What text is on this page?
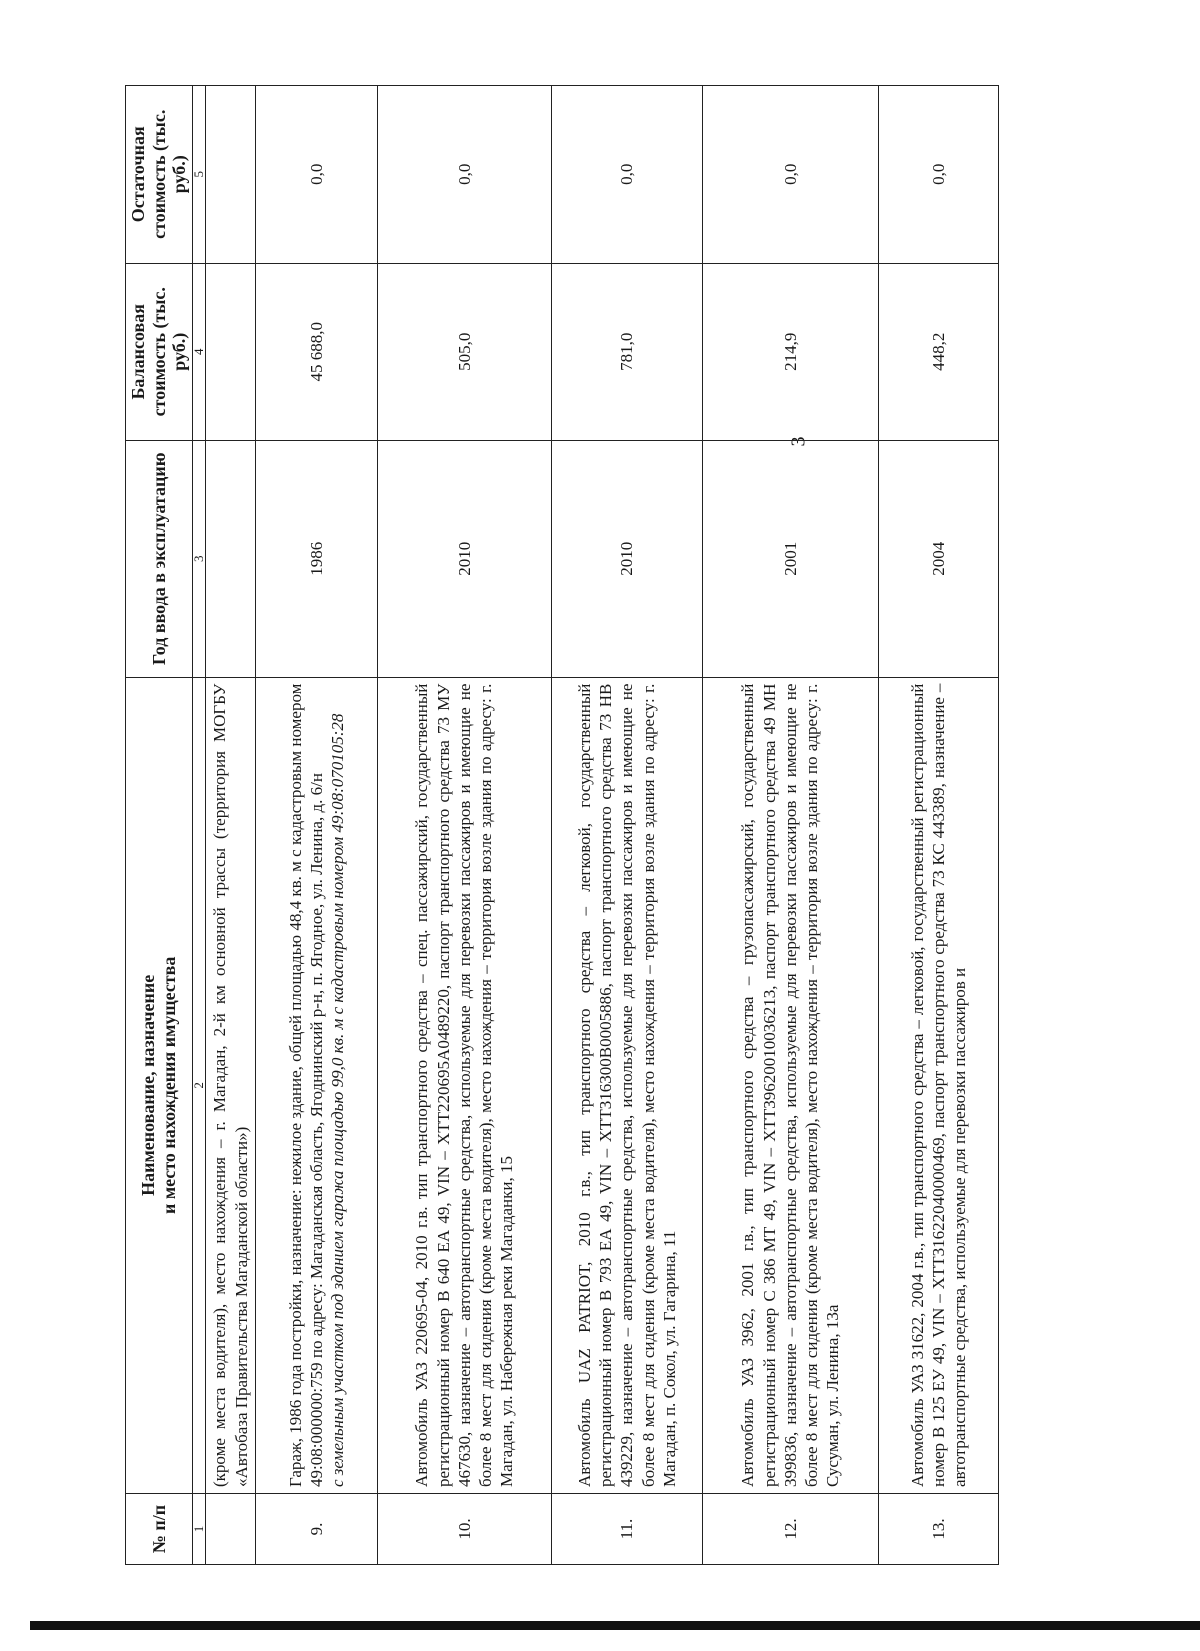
3
№ п/п	Наименование, назначение и место нахождения имущества	Год ввода в эксплуатацию	Балансовая стоимость (тыс. руб.)	Остаточная стоимость (тыс. руб.)
1	2	3	4	5
	(кроме места водителя), место нахождения – г. Магадан, 2-й км основной трассы (территория МОГБУ «Автобаза Правительства Магаданской области»)			
9.	Гараж, 1986 года постройки, назначение: нежилое здание, общей площадью 48,4 кв. м с кадастровым номером 49:08:000000:759 по адресу: Магаданская область, Ягоднинский р-н, п. Ягодное, ул. Ленина, д. 6/н с земельным участком под зданием гаража площадью 99,0 кв. м с кадастровым номером 49:08:070105:28	1986	45 688,0	0,0
10.	Автомобиль УАЗ 220695-04, 2010 г.в. тип транспортного средства – спец. пассажирский, государственный регистрационный номер В 640 ЕА 49, VIN – ХТТ220695А0489220, паспорт транспортного средства 73 МУ 467630, назначение – автотранспортные средства, используемые для перевозки пассажиров и имеющие не более 8 мест для сидения (кроме места водителя), место нахождения – территория возле здания по адресу: г. Магадан, ул. Набережная реки Магаданки, 15	2010	505,0	0,0
11.	Автомобиль UAZ PATRIOT, 2010 г.в., тип транспортного средства – легковой, государственный регистрационный номер В 793 ЕА 49, VIN – ХТТ316300В0005886, паспорт транспортного средства 73 НВ 439229, назначение – автотранспортные средства, используемые для перевозки пассажиров и имеющие не более 8 мест для сидения (кроме места водителя), место нахождения – территория возле здания по адресу: г. Магадан, п. Сокол, ул. Гагарина, 11	2010	781,0	0,0
12.	Автомобиль УАЗ 3962, 2001 г.в., тип транспортного средства – грузопассажирский, государственный регистрационный номер С 386 МТ 49, VIN – ХТТ39620010036213, паспорт транспортного средства 49 МН 399836, назначение – автотранспортные средства, используемые для перевозки пассажиров и имеющие не более 8 мест для сидения (кроме места водителя), место нахождения – территория возле здания по адресу: г. Сусуман, ул. Ленина, 13а	2001	214,9	0,0
13.	Автомобиль УАЗ 31622, 2004 г.в., тип транспортного средства – легковой, государственный регистрационный номер В 125 ЕУ 49, VIN – ХТТ31622040000469, паспорт транспортного средства 73 КС 443389, назначение – автотранспортные средства, используемые для перевозки пассажиров и	2004	448,2	0,0
